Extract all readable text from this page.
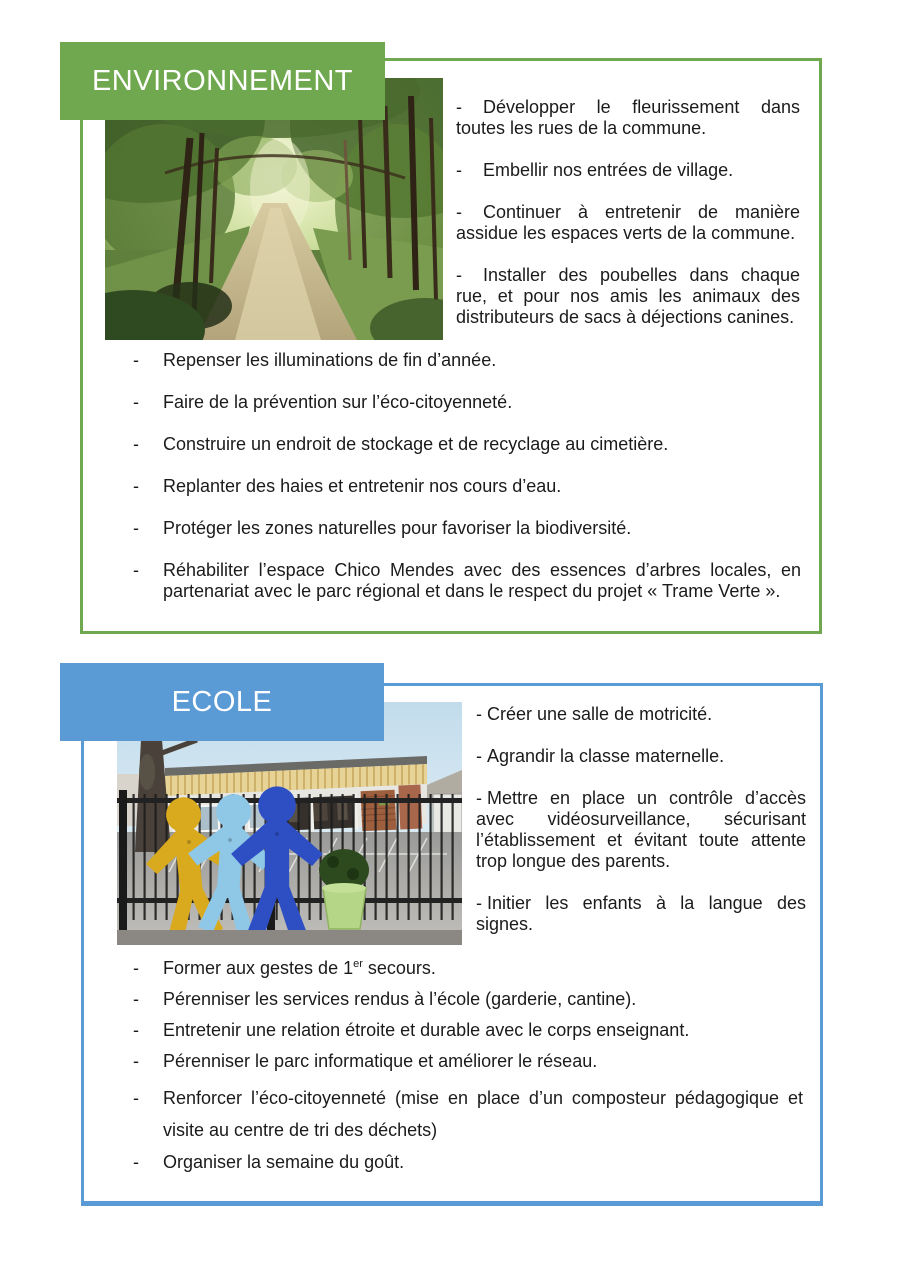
ENVIRONNEMENT

- Développer le fleurissement dans toutes les rues de la commune.

- Embellir nos entrées de village.

- Continuer à entretenir de manière assidue les espaces verts de la commune.

- Installer des poubelles dans chaque rue, et pour nos amis les animaux des distributeurs de sacs à déjections canines.

- Repenser les illuminations de fin d’année.
- Faire de la prévention sur l’éco-citoyenneté.
- Construire un endroit de stockage et de recyclage au cimetière.
- Replanter des haies et entretenir nos cours d’eau.
- Protéger les zones naturelles pour favoriser la biodiversité.
- Réhabiliter l’espace Chico Mendes avec des essences d’arbres locales, en partenariat avec le parc régional et dans le respect du projet « Trame Verte ».
ECOLE	- Créer une salle de motricité.

- Agrandir la classe maternelle.

- Mettre en place un contrôle d’accès avec vidéosurveillance, sécurisant l’établissement et évitant toute attente trop longue des parents.

- Initier les enfants à la langue des signes.

- Former aux gestes de 1er secours.
- Pérenniser les services rendus à l’école (garderie, cantine).
- Entretenir une relation étroite et durable avec le corps enseignant.
- Pérenniser le parc informatique et améliorer le réseau.
- Renforcer l’éco-citoyenneté (mise en place d’un composteur pédagogique et visite au centre de tri des déchets)
- Organiser la semaine du goût.
